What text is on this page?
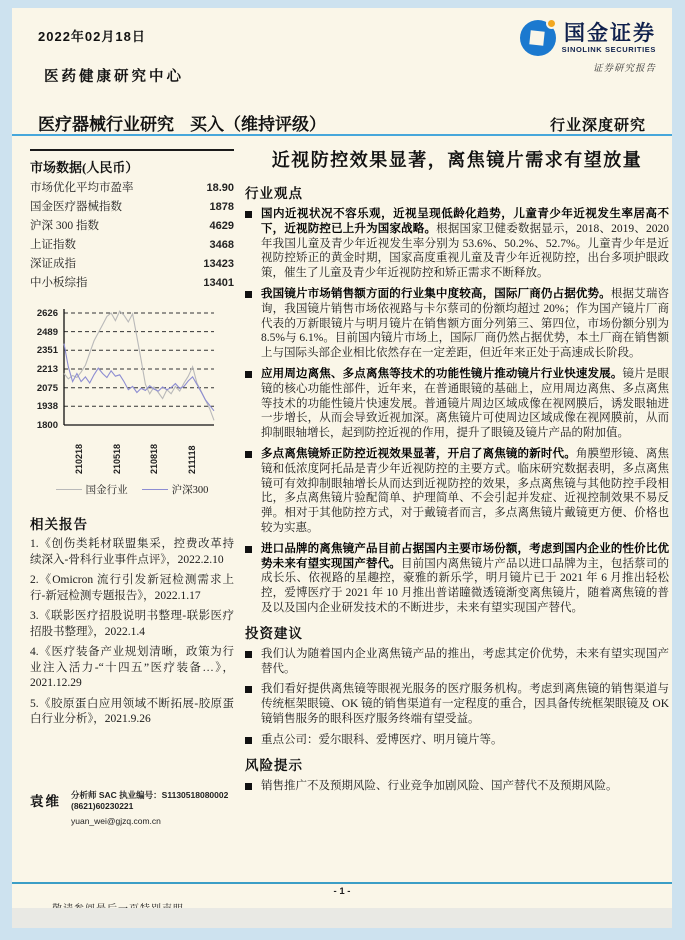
2022年02月18日	国金证券
SINOLINK SECURITIES
证券研究报告
医药健康研究中心
医疗器械行业研究 买入（维持评级）	行业深度研究
市场数据(人民币）
市场优化平均市盈率	18.90
国金医疗器械指数	1878
沪深 300 指数	4629
上证指数	3468
深证成指	13423
中小板综指	13401
2626
2489
2351
2213
2075
1938
1800
210218	210518	210818	211118
国金行业	沪深300
相关报告
1.《创伤类耗材联盟集采，控费改革持续深入-骨科行业事件点评》，2022.2.10
2.《Omicron 流行引发新冠检测需求上行-新冠检测专题报告》，2022.1.17
3.《联影医疗招股说明书整理-联影医疗招股书整理》，2022.1.4
4.《医疗装备产业规划清晰，政策为行业注入活力-“十四五”医疗装备…》，2021.12.29
5.《胶原蛋白应用领域不断拓展-胶原蛋白行业分析》，2021.9.26
袁维 分析师 SAC 执业编号：S1130518080002
(8621)60230221
yuan_wei@gjzq.com.cn
近视防控效果显著，离焦镜片需求有望放量
行业观点

国内近视状况不容乐观，近视呈现低龄化趋势，儿童青少年近视发生率居高不下，近视防控已上升为国家战略。根据国家卫健委数据显示，2018、2019、2020 年我国儿童及青少年近视发生率分别为 53.6%、50.2%、52.7%。儿童青少年是近视防控矫正的黄金时期，国家高度重视儿童及青少年近视防控，出台多项护眼政策，催生了儿童及青少年近视防控和矫正需求不断释放。

我国镜片市场销售额方面的行业集中度较高，国际厂商仍占据优势。根据艾瑞咨询，我国镜片销售市场依视路与卡尔蔡司的份额均超过 20%；作为国产镜片厂商代表的万新眼镜片与明月镜片在销售额方面分列第三、第四位，市场份额分别为 8.5%与 6.1%。目前国内镜片市场上，国际厂商仍然占据优势，本土厂商在销售额上与国际头部企业相比依然存在一定差距，但近年来正处于高速成长阶段。

应用周边离焦、多点离焦等技术的功能性镜片推动镜片行业快速发展。镜片是眼镜的核心功能性部件，近年来，在普通眼镜的基础上，应用周边离焦、多点离焦等技术的功能性镜片快速发展。普通镜片周边区域成像在视网膜后，诱发眼轴进一步增长，从而会导致近视加深。离焦镜片可使周边区域成像在视网膜前，从而抑制眼轴增长，起到防控近视的作用，提升了眼镜及镜片产品的附加值。

多点离焦镜矫正防控近视效果显著，开启了离焦镜的新时代。角膜塑形镜、离焦镜和低浓度阿托品是青少年近视防控的主要方式。临床研究数据表明，多点离焦镜可有效抑制眼轴增长从而达到近视防控的效果，多点离焦镜与其他防控手段相比，多点离焦镜片验配简单、护理简单、不会引起并发症、近视控制效果不易反弹。相对于其他防控方式，对于戴镜者而言，多点离焦镜片戴镜更方便、价格也较为实惠。

进口品牌的离焦镜产品目前占据国内主要市场份额，考虑到国内企业的性价比优势未来有望实现国产替代。目前国内离焦镜片产品以进口品牌为主，包括蔡司的成长乐、依视路的星趣控，豪雅的新乐学，明月镜片已于 2021 年 6 月推出轻松控，爱博医疗于 2021 年 10 月推出普诺瞳微透镜渐变离焦镜片，随着离焦镜的普及以及国内企业研发技术的不断进步，未来有望实现国产替代。

投资建议

我们认为随着国内企业离焦镜产品的推出，考虑其定价优势，未来有望实现国产替代。

我们看好提供离焦镜等眼视光服务的医疗服务机构。考虑到离焦镜的销售渠道与传统框架眼镜、OK 镜的销售渠道有一定程度的重合，因具备传统框架眼镜及 OK 镜销售服务的眼科医疗服务终端有望受益。

重点公司：爱尔眼科、爱博医疗、明月镜片等。

风险提示

销售推广不及预期风险、行业竞争加剧风险、国产替代不及预期风险。

- 1 -
